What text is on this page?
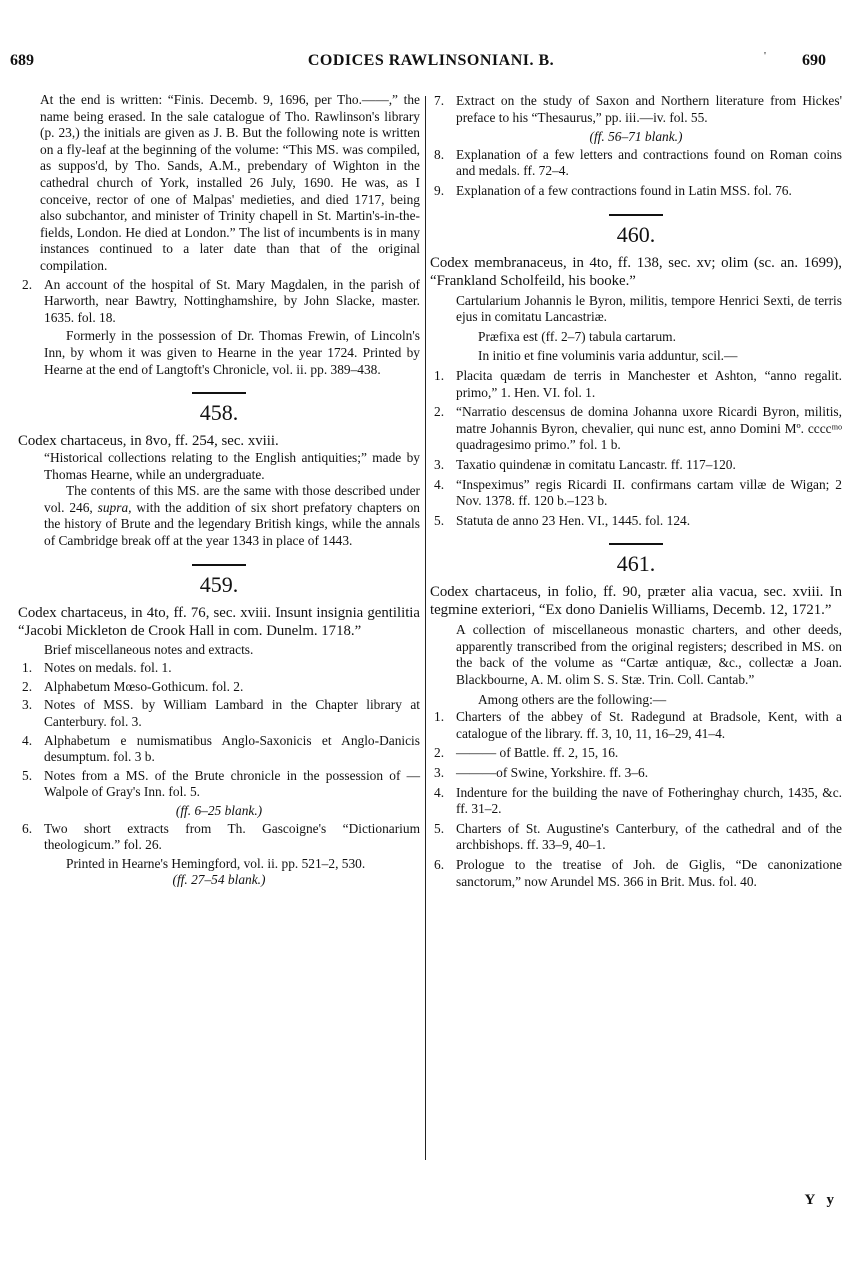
689	CODICES RAWLINSONIANI. B.	' 690

At the end is written: “Finis. Decemb. 9, 1696, per Tho.——,” the name being erased. In the sale catalogue of Tho. Rawlinson's library (p. 23,) the initials are given as J. B. But the following note is written on a fly-leaf at the beginning of the volume: “This MS. was compiled, as suppos'd, by Tho. Sands, A.M., prebendary of Wighton in the cathedral church of York, installed 26 July, 1690. He was, as I conceive, rector of one of Malpas' medieties, and died 1717, being also subchantor, and minister of Trinity chapell in St. Martin's-in-the-fields, London. He died at London.” The list of incumbents is in many instances continued to a later date than that of the original compilation.

2. An account of the hospital of St. Mary Magdalen, in the parish of Harworth, near Bawtry, Nottinghamshire, by John Slacke, master. 1635. fol. 18.

Formerly in the possession of Dr. Thomas Frewin, of Lincoln's Inn, by whom it was given to Hearne in the year 1724. Printed by Hearne at the end of Langtoft's Chronicle, vol. ii. pp. 389–438.

458.

Codex chartaceus, in 8vo, ff. 254, sec. xviii.

“Historical collections relating to the English antiquities;” made by Thomas Hearne, while an undergraduate.

The contents of this MS. are the same with those described under vol. 246, supra, with the addition of six short prefatory chapters on the history of Brute and the legendary British kings, while the annals of Cambridge break off at the year 1343 in place of 1443.

459.

Codex chartaceus, in 4to, ff. 76, sec. xviii. Insunt insignia gentilitia “Jacobi Mickleton de Crook Hall in com. Dunelm. 1718.”

Brief miscellaneous notes and extracts.

1. Notes on medals. fol. 1.
2. Alphabetum Mœso-Gothicum. fol. 2.
3. Notes of MSS. by William Lambard in the Chapter library at Canterbury. fol. 3.
4. Alphabetum e numismatibus Anglo-Saxonicis et Anglo-Danicis desumptum. fol. 3 b.
5. Notes from a MS. of the Brute chronicle in the possession of — Walpole of Gray's Inn. fol. 5.

(ff. 6–25 blank.)

6. Two short extracts from Th. Gascoigne's “Dictionarium theologicum.” fol. 26.

Printed in Hearne's Hemingford, vol. ii. pp. 521–2, 530.

(ff. 27–54 blank.)

7. Extract on the study of Saxon and Northern literature from Hickes' preface to his “Thesaurus,” pp. iii.—iv. fol. 55.

(ff. 56–71 blank.)

8. Explanation of a few letters and contractions found on Roman coins and medals. ff. 72–4.
9. Explanation of a few contractions found in Latin MSS. fol. 76.

460.

Codex membranaceus, in 4to, ff. 138, sec. xv; olim (sc. an. 1699), “Frankland Scholfeild, his booke.”

Cartularium Johannis le Byron, militis, tempore Henrici Sexti, de terris ejus in comitatu Lancastriæ.

Præfixa est (ff. 2–7) tabula cartarum.

In initio et fine voluminis varia adduntur, scil.—

1. Placita quædam de terris in Manchester et Ashton, “anno regalit. primo,” 1. Hen. VI. fol. 1.
2. “Narratio descensus de domina Johanna uxore Ricardi Byron, militis, matre Johannis Byron, chevalier, qui nunc est, anno Domini Mº. ccccᵐᵒ quadragesimo primo.” fol. 1 b.
3. Taxatio quindenæ in comitatu Lancastr. ff. 117–120.
4. “Inspeximus” regis Ricardi II. confirmans cartam villæ de Wigan; 2 Nov. 1378. ff. 120 b.–123 b.
5. Statuta de anno 23 Hen. VI., 1445. fol. 124.

461.

Codex chartaceus, in folio, ff. 90, præter alia vacua, sec. xviii. In tegmine exteriori, “Ex dono Danielis Williams, Decemb. 12, 1721.”

A collection of miscellaneous monastic charters, and other deeds, apparently transcribed from the original registers; described in MS. on the back of the volume as “Cartæ antiquæ, &c., collectæ a Joan. Blackbourne, A. M. olim S. S. Stæ. Trin. Coll. Cantab.”

Among others are the following:—

1. Charters of the abbey of St. Radegund at Bradsole, Kent, with a catalogue of the library. ff. 3, 10, 11, 16–29, 41–4.
2. ——— of Battle. ff. 2, 15, 16.
3. ———of Swine, Yorkshire. ff. 3–6.
4. Indenture for the building the nave of Fotheringhay church, 1435, &c. ff. 31–2.
5. Charters of St. Augustine's Canterbury, of the cathedral and of the archbishops. ff. 33–9, 40–1.
6. Prologue to the treatise of Joh. de Giglis, “De canonizatione sanctorum,” now Arundel MS. 366 in Brit. Mus. fol. 40.
Y y
